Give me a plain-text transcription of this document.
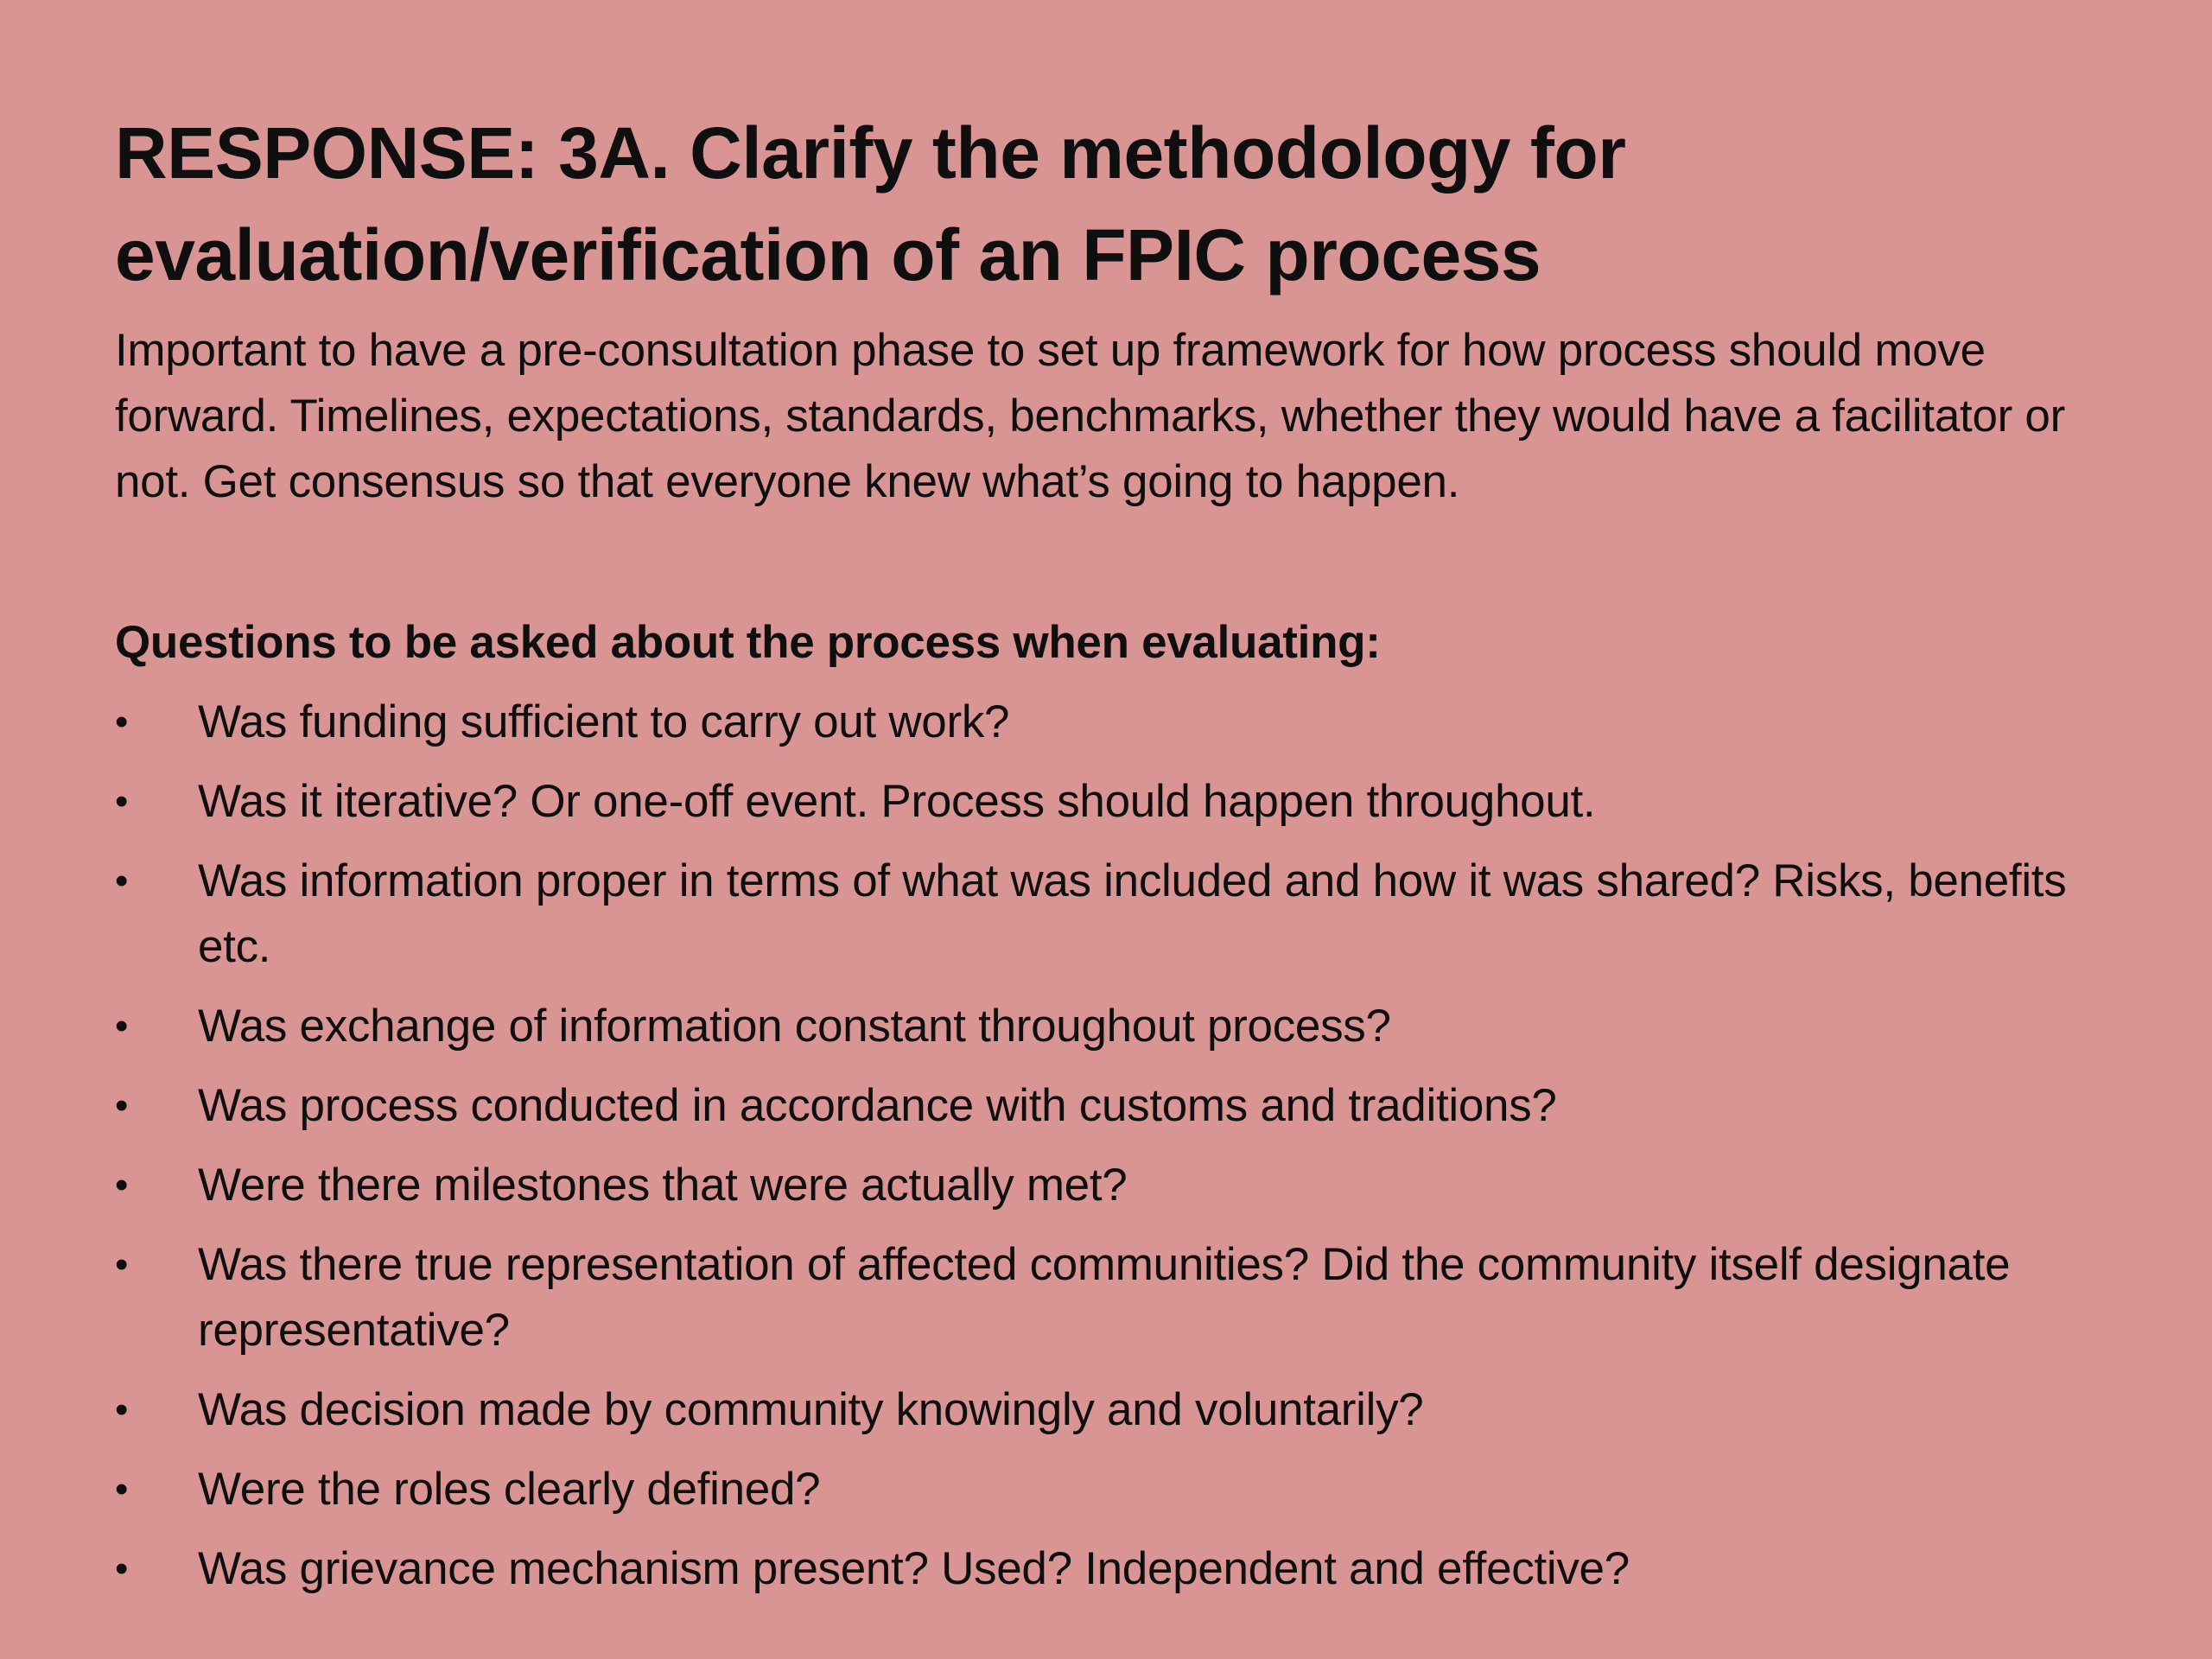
RESPONSE: 3A. Clarify the methodology for evaluation/verification of an FPIC process

Important to have a pre-consultation phase to set up framework for how process should move forward. Timelines, expectations, standards, benchmarks, whether they would have a facilitator or not. Get consensus so that everyone knew what’s going to happen.

Questions to be asked about the process when evaluating:

•	Was funding sufficient to carry out work?
•	Was it iterative? Or one-off event. Process should happen throughout.
•	Was information proper in terms of what was included and how it was shared? Risks, benefits etc.
•	Was exchange of information constant throughout process?
•	Was process conducted in accordance with customs and traditions?
•	Were there milestones that were actually met?
•	Was there true representation of affected communities? Did the community itself designate representative?
•	Was decision made by community knowingly and voluntarily?
•	Were the roles clearly defined?
•	Was grievance mechanism present? Used? Independent and effective?
